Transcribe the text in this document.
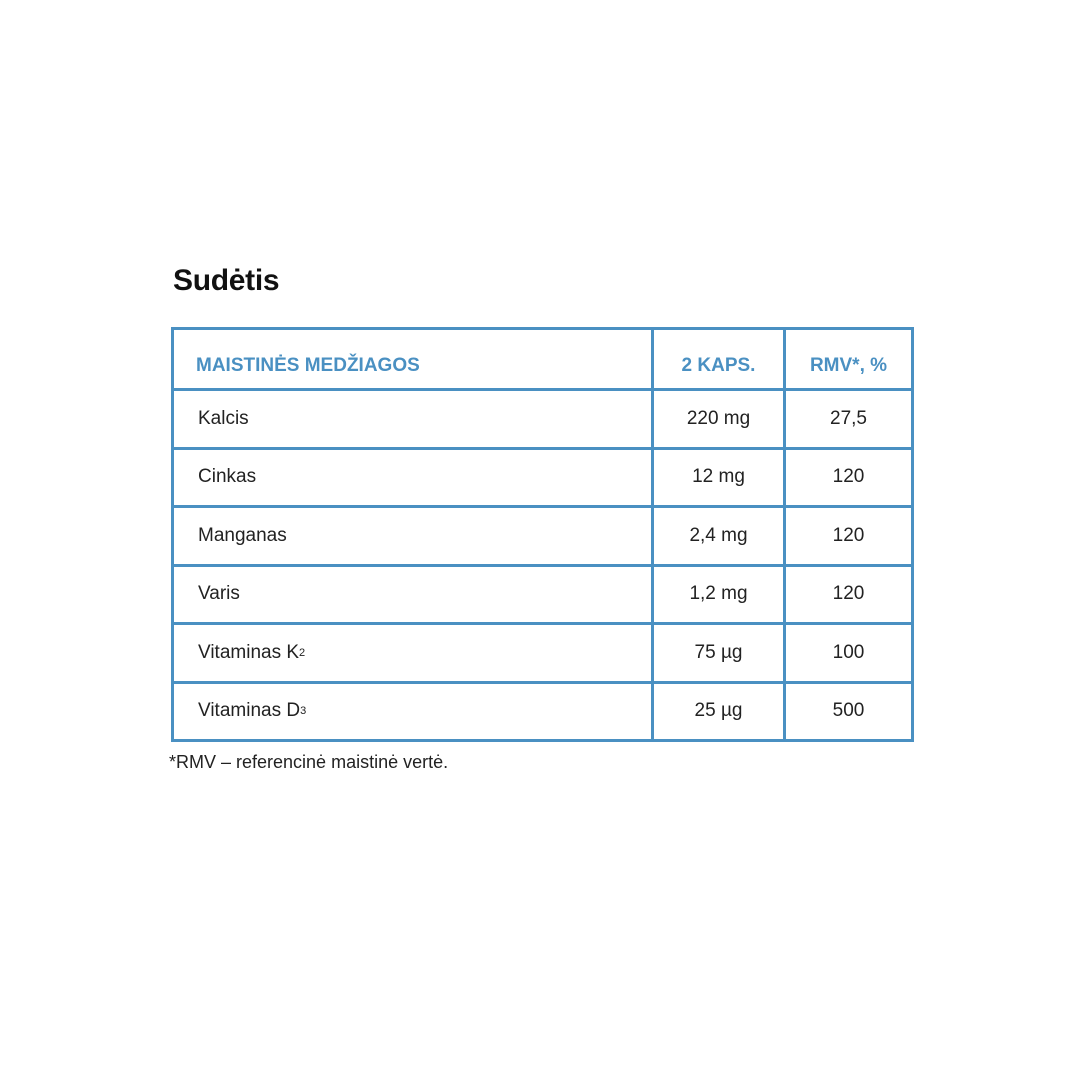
Sudėtis
MAISTINĖS MEDŽIAGOS	2 KAPS.	RMV*, %
Kalcis	220 mg	27,5
Cinkas	12 mg	120
Manganas	2,4 mg	120
Varis	1,2 mg	120
Vitaminas K 2	75 µg	100
Vitaminas D 3	25 µg	500

*RMV – referencinė maistinė vertė.
